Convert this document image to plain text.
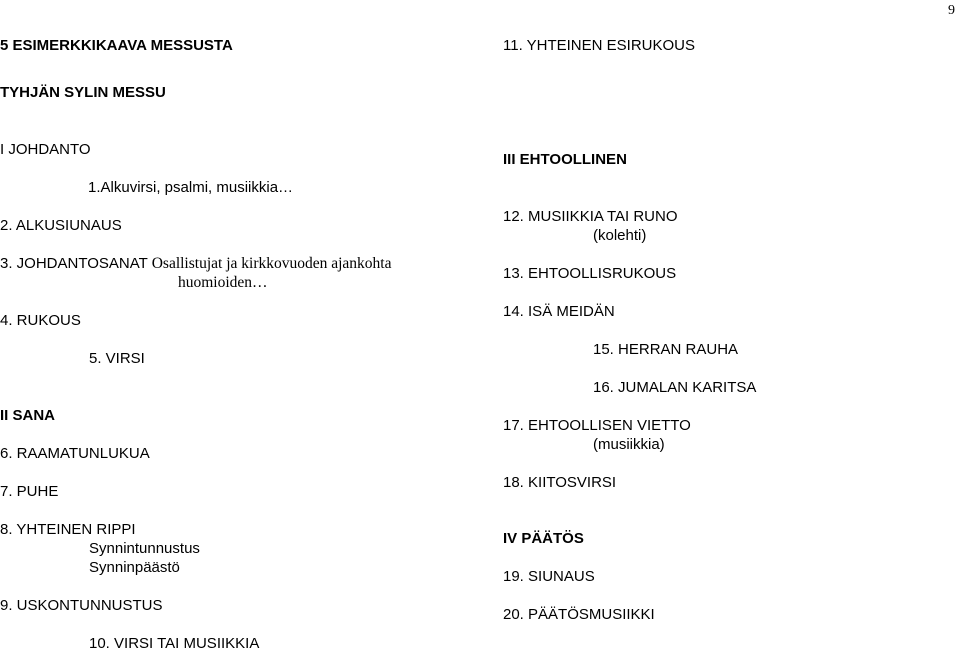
9
5 ESIMERKKIKAAVA MESSUSTA
TYHJÄN SYLIN MESSU
I JOHDANTO
1.Alkuvirsi, psalmi, musiikkia…
2. ALKUSIUNAUS
3. JOHDANTOSANAT Osallistujat ja kirkkovuoden ajankohta
huomioiden…
4. RUKOUS
5. VIRSI
II SANA
6. RAAMATUNLUKUA
7. PUHE
8. YHTEINEN RIPPI
Synnintunnustus
Synninpäästö
9. USKONTUNNUSTUS
10. VIRSI TAI MUSIIKKIA
11. YHTEINEN ESIRUKOUS
III EHTOOLLINEN
12. MUSIIKKIA TAI RUNO
(kolehti)
13. EHTOOLLISRUKOUS
14. ISÄ MEIDÄN
15. HERRAN RAUHA
16. JUMALAN KARITSA
17. EHTOOLLISEN VIETTO
(musiikkia)
18. KIITOSVIRSI
IV PÄÄTÖS
19. SIUNAUS
20. PÄÄTÖSMUSIIKKI
